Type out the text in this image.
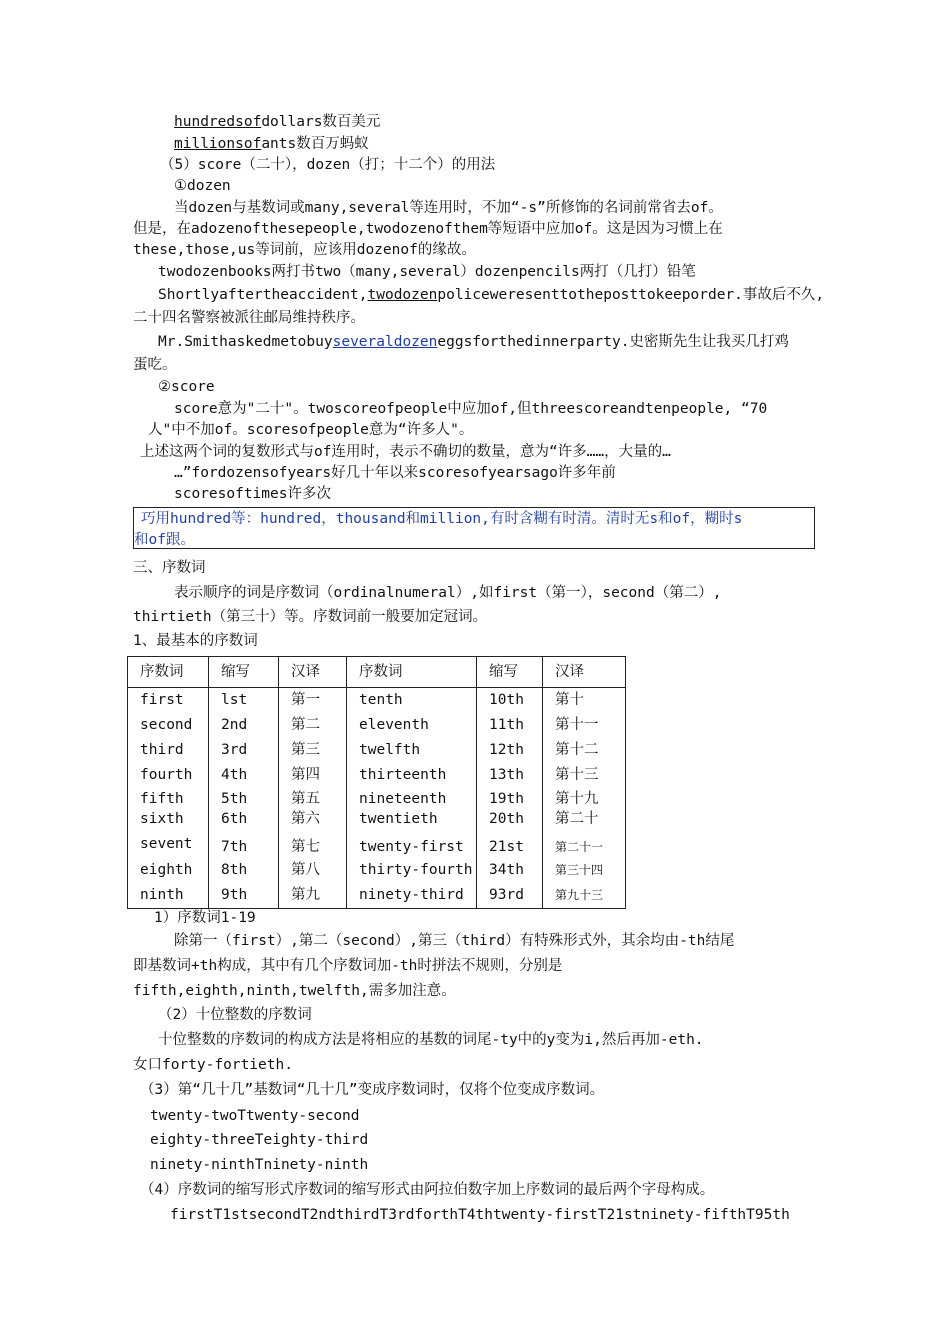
hundredsofdollars数百美元
millionsofants数百万蚂蚁
（5）score（二十），dozen（打；十二个）的用法
①dozen
当dozen与基数词或many,several等连用时，不加“-s”所修饰的名词前常省去of。
但是，在adozenofthesepeople,twodozenofthem等短语中应加of。这是因为习惯上在
these,those,us等词前，应该用dozenof的缘故。
twodozenbooks两打书two（many,several）dozenpencils两打（几打）铅笔
Shortlyaftertheaccident,twodozenpoliceweresenttotheposttokeeporder.事故后不久,
二十四名警察被派往邮局维持秩序。
Mr.Smithaskedmetobuyseveraldozeneggsforthedinnerparty.史密斯先生让我买几打鸡
蛋吃。
②score
score意为"二十"。twoscoreofpeople中应加of,但threescoreandtenpeople, “70
人"中不加of。scoresofpeople意为“许多人"。
上述这两个词的复数形式与of连用时，表示不确切的数量，意为“许多……，大量的…
…”fordozensofyears好几十年以来scoresofyearsago许多年前
scoresoftimes许多次
巧用hundred等：hundred，thousand和million,有时含糊有时清。清时无s和of，糊时s
和of跟。
三、序数词
表示顺序的词是序数词（ordinalnumeral）,如first（第一），second（第二）,
thirtieth（第三十）等。序数词前一般要加定冠词。
1、最基本的序数词
序数词	缩写	汉译	序数词	缩写	汉译
first	lst	第一	tenth	10th	第十
second	2nd	第二	eleventh	11th	第十一
third	3rd	第三	twelfth	12th	第十二
fourth	4th	第四	thirteenth	13th	第十三
fifth	5th	第五	nineteenth	19th	第十九
sixth	6th	第六	twentieth	20th	第二十
sevent	7th	第七	twenty-first	21st	第二十一
eighth	8th	第八	thirty-fourth	34th	第三十四
ninth	9th	第九	ninety-third	93rd	第九十三
1）序数词1-19
除第一（first）,第二（second）,第三（third）有特殊形式外，其余均由-th结尾
即基数词+th构成，其中有几个序数词加-th时拼法不规则，分别是
fifth,eighth,ninth,twelfth,需多加注意。
（2）十位整数的序数词
十位整数的序数词的构成方法是将相应的基数的词尾-ty中的y变为i,然后再加-eth.
女口forty-fortieth.
（3）第“几十几”基数词“几十几”变成序数词时，仅将个位变成序数词。
twenty-twoTtwenty-second
eighty-threeTeighty-third
ninety-ninthTninety-ninth
（4）序数词的缩写形式序数词的缩写形式由阿拉伯数字加上序数词的最后两个字母构成。
firstT1stsecondT2ndthirdT3rdforthT4thtwenty-firstT21stninety-fifthT95th
